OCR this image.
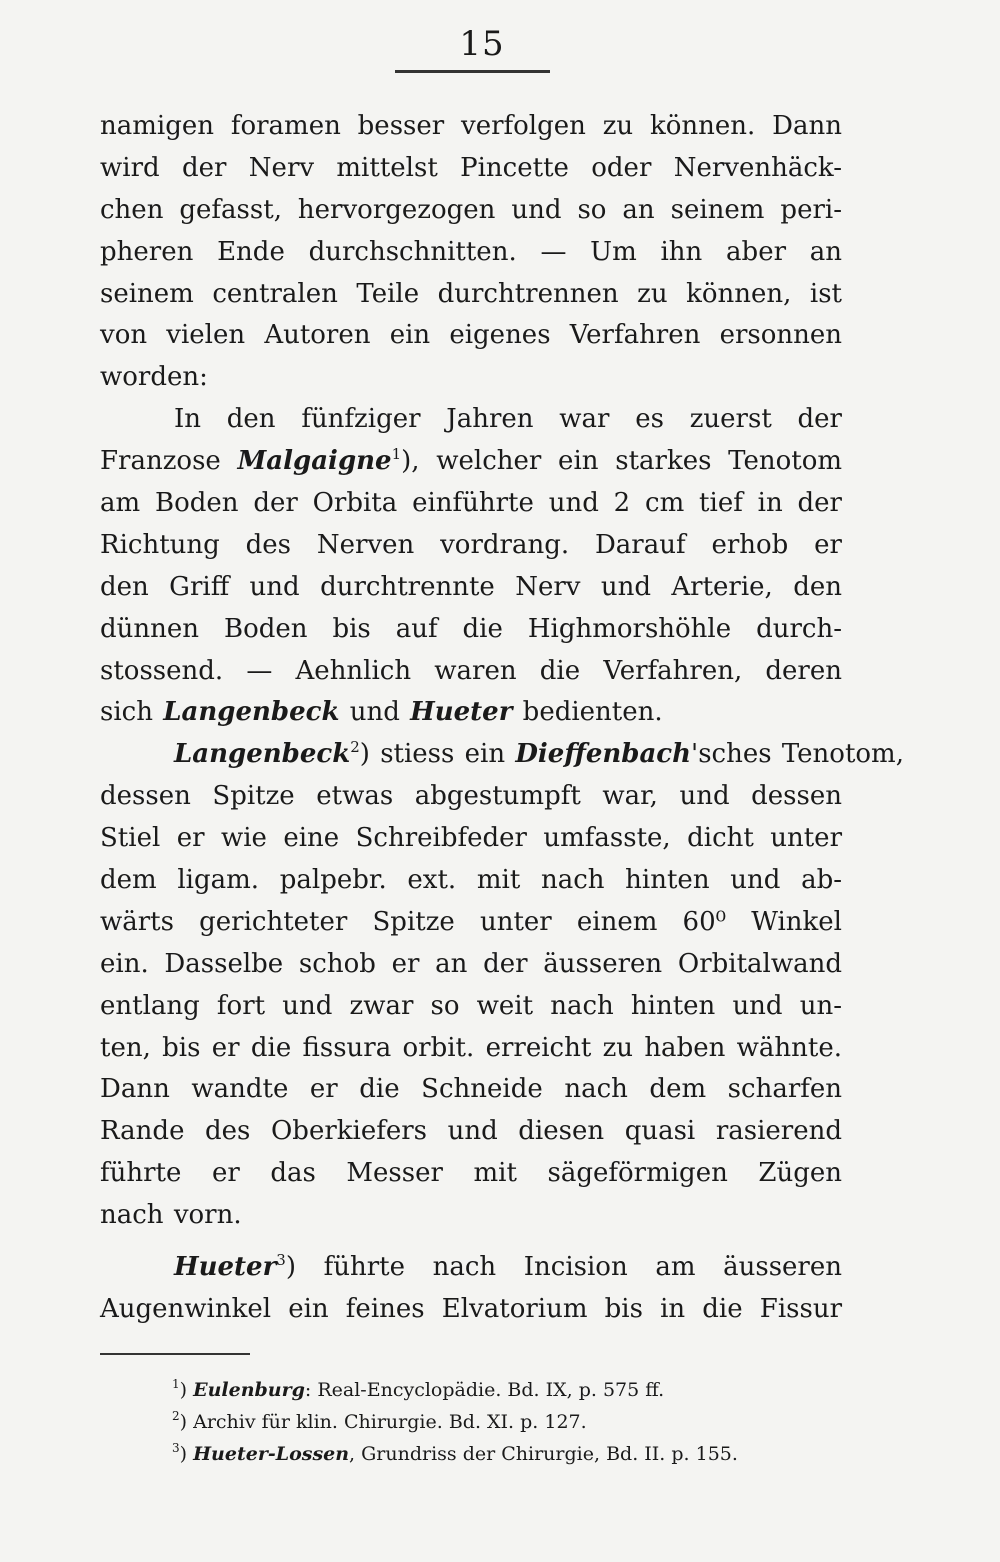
15
namigen foramen besser verfolgen zu können. Dann
wird der Nerv mittelst Pincette oder Nervenhäck-
chen gefasst, hervorgezogen und so an seinem peri-
pheren Ende durchschnitten. — Um ihn aber an
seinem centralen Teile durchtrennen zu können, ist
von vielen Autoren ein eigenes Verfahren ersonnen
worden:
In den fünfziger Jahren war es zuerst der
Franzose Malgaigne$^1$), welcher ein starkes Tenotom
am Boden der Orbita einführte und 2 cm tief in der
Richtung des Nerven vordrang. Darauf erhob er
den Griff und durchtrennte Nerv und Arterie, den
dünnen Boden bis auf die Highmorshöhle durch-
stossend. — Aehnlich waren die Verfahren, deren
sich Langenbeck und Hueter bedienten.
Langenbeck$^2$) stiess ein Dieffenbach'sches Tenotom,
dessen Spitze etwas abgestumpft war, und dessen
Stiel er wie eine Schreibfeder umfasste, dicht unter
dem ligam. palpebr. ext. mit nach hinten und ab-
wärts gerichteter Spitze unter einem 60⁰ Winkel
ein. Dasselbe schob er an der äusseren Orbitalwand
entlang fort und zwar so weit nach hinten und un-
ten, bis er die fissura orbit. erreicht zu haben wähnte.
Dann wandte er die Schneide nach dem scharfen
Rande des Oberkiefers und diesen quasi rasierend
führte er das Messer mit sägeförmigen Zügen
nach vorn.
Hueter$^3$) führte nach Incision am äusseren
Augenwinkel ein feines Elvatorium bis in die Fissur
$^1$) Eulenburg: Real-Encyclopädie. Bd. IX, p. 575 ff.
$^2$) Archiv für klin. Chirurgie. Bd. XI. p. 127.
$^3$) Hueter-Lossen, Grundriss der Chirurgie, Bd. II. p. 155.
